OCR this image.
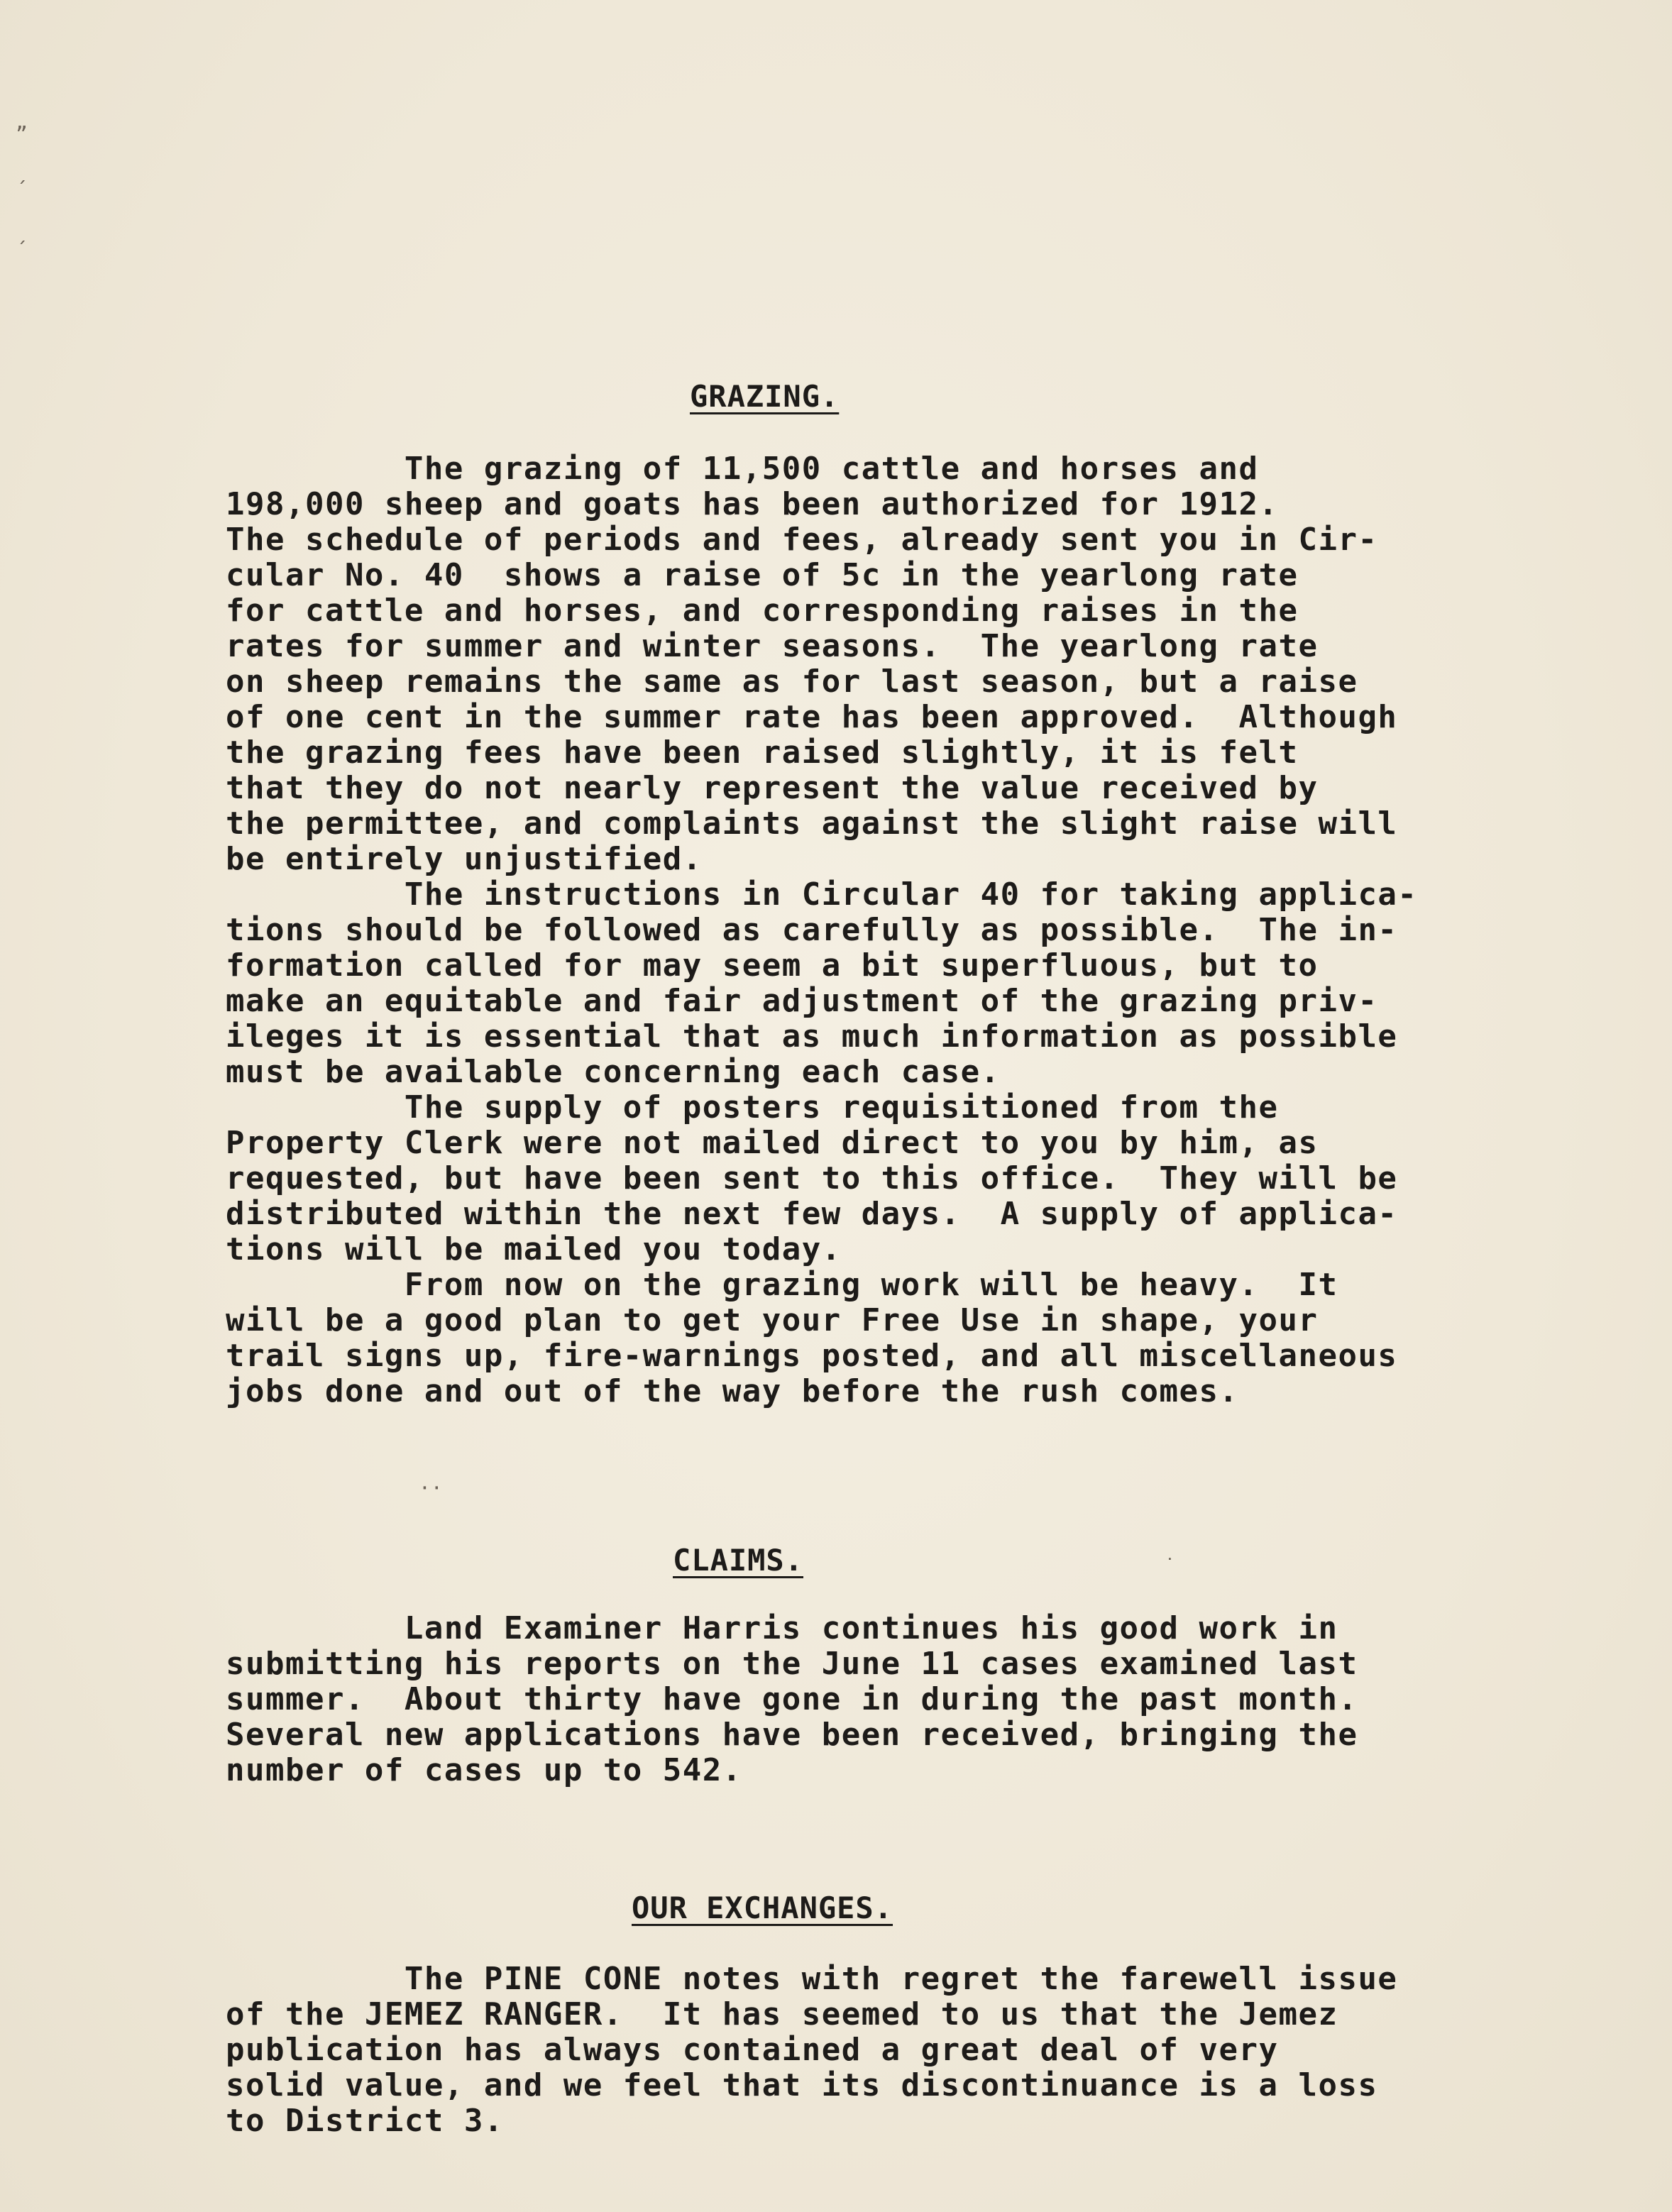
„
´
´
GRAZING.
The grazing of 11,500 cattle and horses and
198,000 sheep and goats has been authorized for 1912.
The schedule of periods and fees, already sent you in Cir-
cular No. 40  shows a raise of 5c in the yearlong rate
for cattle and horses, and corresponding raises in the
rates for summer and winter seasons.  The yearlong rate
on sheep remains the same as for last season, but a raise
of one cent in the summer rate has been approved.  Although
the grazing fees have been raised slightly, it is felt
that they do not nearly represent the value received by
the permittee, and complaints against the slight raise will
be entirely unjustified.
The instructions in Circular 40 for taking applica-
tions should be followed as carefully as possible.  The in-
formation called for may seem a bit superfluous, but to
make an equitable and fair adjustment of the grazing priv-
ileges it is essential that as much information as possible
must be available concerning each case.
The supply of posters requisitioned from the
Property Clerk were not mailed direct to you by him, as
requested, but have been sent to this office.  They will be
distributed within the next few days.  A supply of applica-
tions will be mailed you today.
From now on the grazing work will be heavy.  It
will be a good plan to get your Free Use in shape, your
trail signs up, fire-warnings posted, and all miscellaneous
jobs done and out of the way before the rush comes.
··
˙
CLAIMS.
Land Examiner Harris continues his good work in
submitting his reports on the June 11 cases examined last
summer.  About thirty have gone in during the past month.
Several new applications have been received, bringing the
number of cases up to 542.
OUR EXCHANGES.
The PINE CONE notes with regret the farewell issue
of the JEMEZ RANGER.  It has seemed to us that the Jemez
publication has always contained a great deal of very
solid value, and we feel that its discontinuance is a loss
to District 3.
